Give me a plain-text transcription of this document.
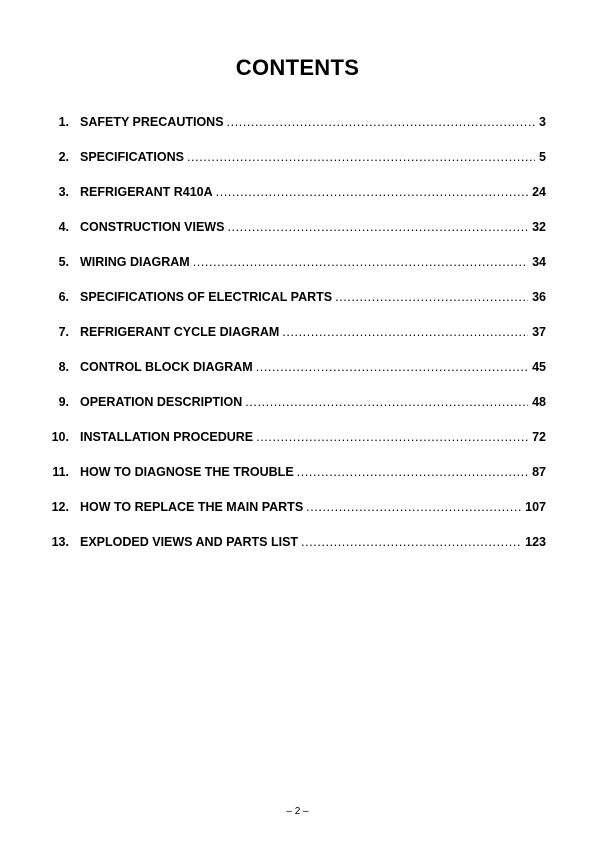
CONTENTS
1. SAFETY PRECAUTIONS .....	3
2. SPECIFICATIONS .....	5
3. REFRIGERANT R410A .....	24
4. CONSTRUCTION VIEWS .....	32
5. WIRING DIAGRAM .....	34
6. SPECIFICATIONS OF ELECTRICAL PARTS .....	36
7. REFRIGERANT CYCLE DIAGRAM .....	37
8. CONTROL BLOCK DIAGRAM .....	45
9. OPERATION DESCRIPTION .....	48
10. INSTALLATION PROCEDURE .....	72
11. HOW TO DIAGNOSE THE TROUBLE .....	87
12. HOW TO REPLACE THE MAIN PARTS .....	107
13. EXPLODED VIEWS AND PARTS LIST .....	123
– 2 –
